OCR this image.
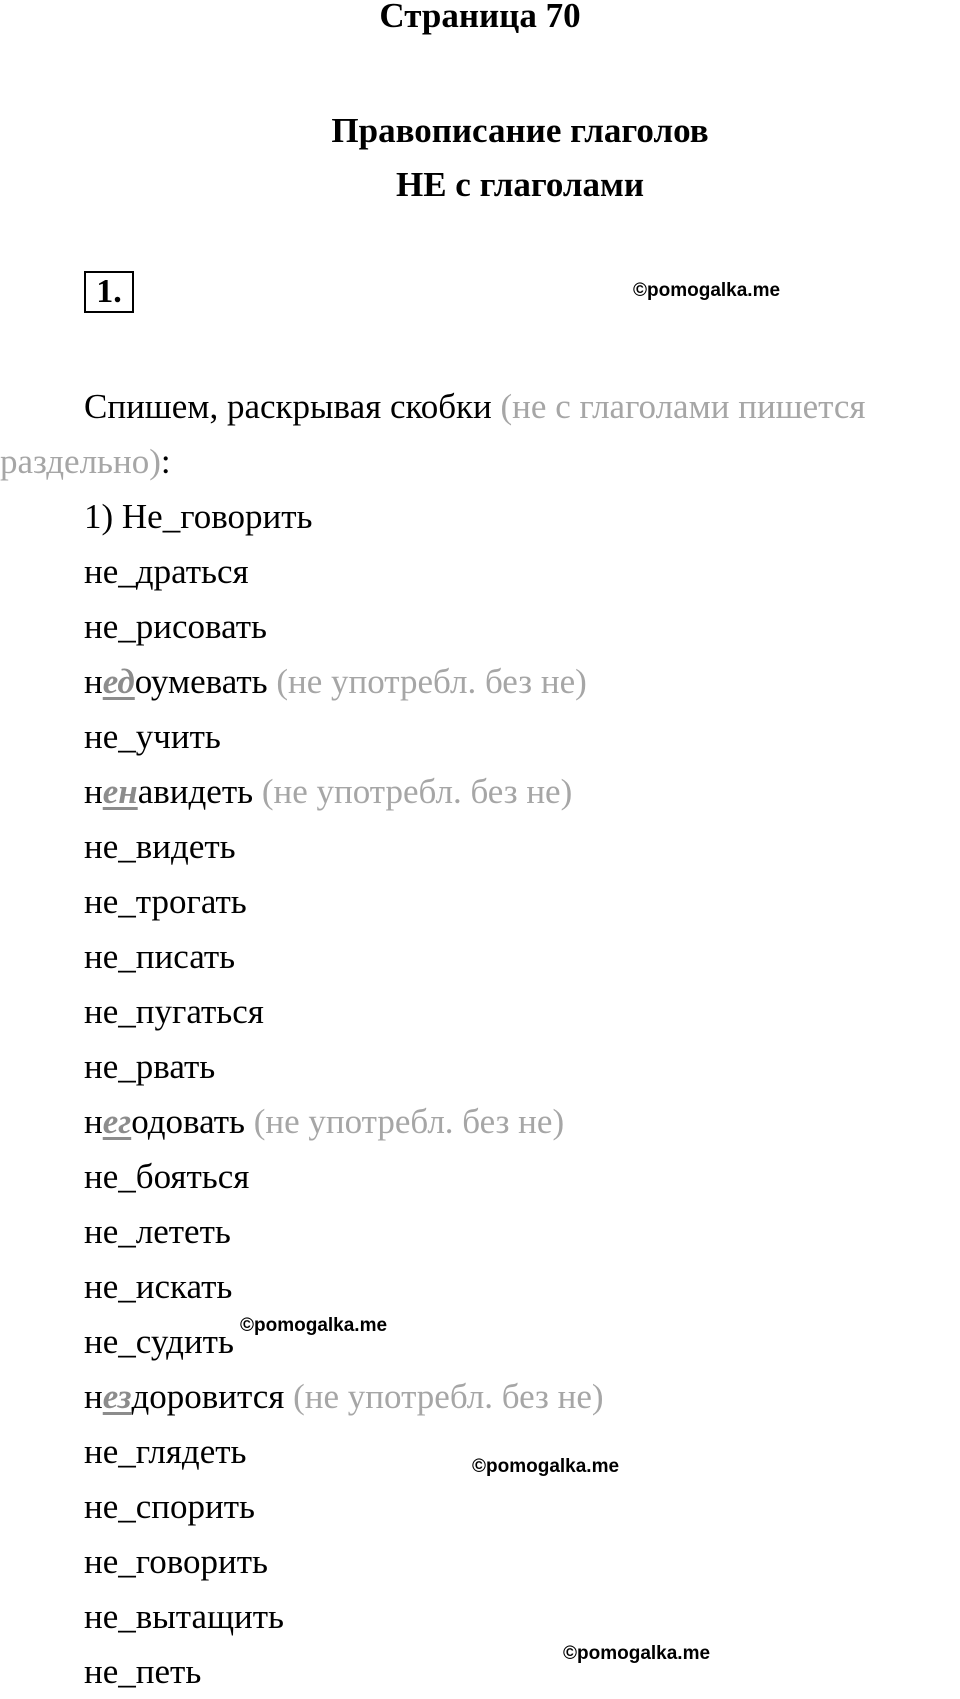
Страница 70
Правописание глаголов
НЕ с глаголами
1.	©pomogalka.me
©pomogalka.me
©pomogalka.me
©pomogalka.me
Спишем, раскрывая скобки (не с глаголами пишется
раздельно):
1) Не_говорить
не_драться
не_рисовать
недоумевать (не употребл. без не)
не_учить
ненавидеть (не употребл. без не)
не_видеть
не_трогать
не_писать
не_пугаться
не_рвать
негодовать (не употребл. без не)
не_бояться
не_лететь
не_искать
не_судить
нездоровится (не употребл. без не)
не_глядеть
не_спорить
не_говорить
не_вытащить
не_петь
